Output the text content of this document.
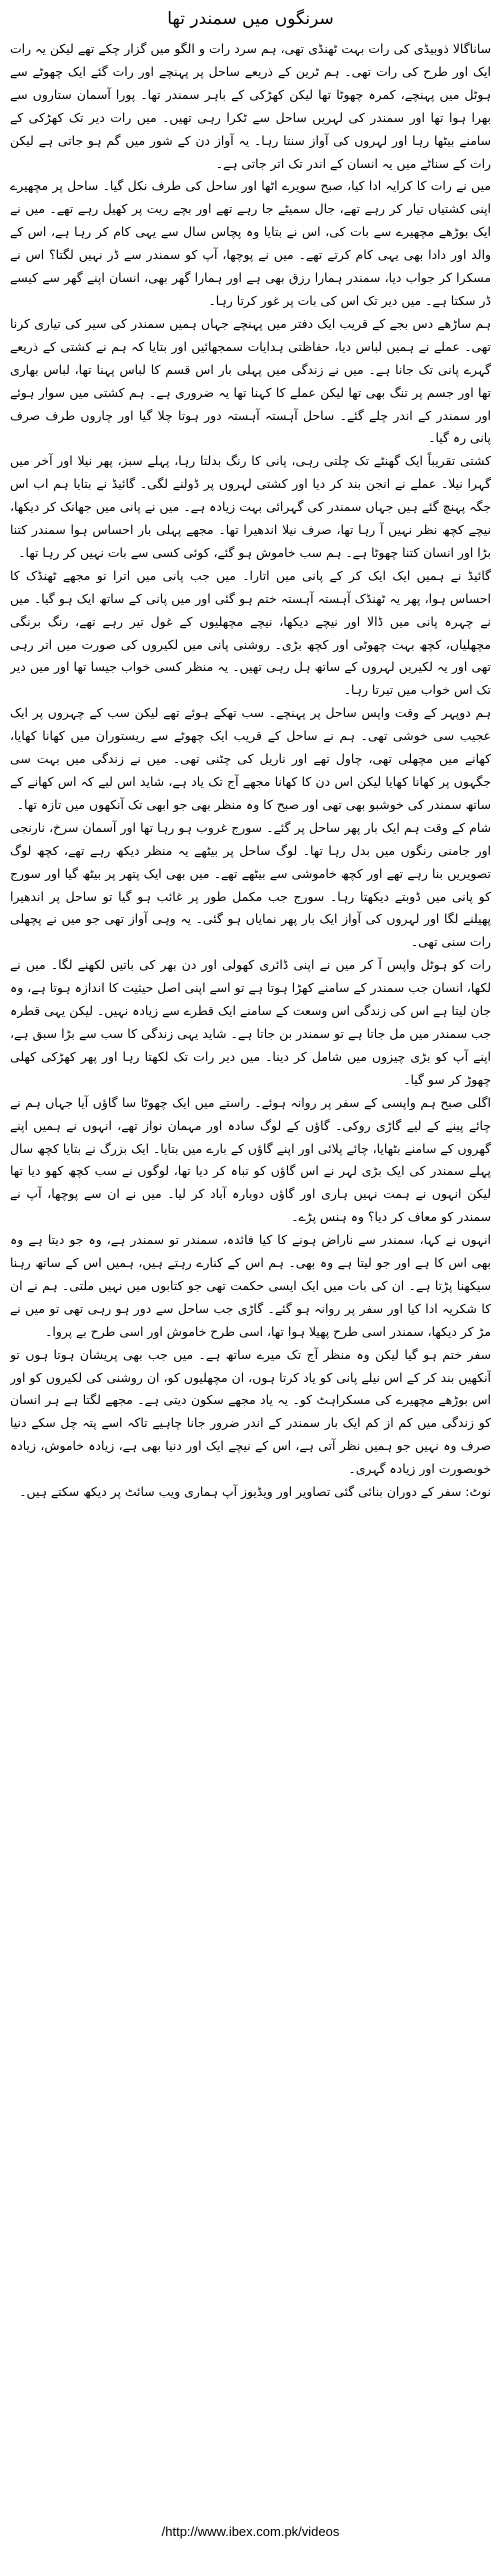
سرنگوں میں سمندر تھا

ساناگالا ذوبیڈی کی رات بہت ٹھنڈی تھی، ہم سرد رات و الگو میں گزار چکے تھے لیکن یہ رات ایک اور طرح کی رات تھی۔ ہم ٹرین کے ذریعے ساحل پر پہنچے اور رات گئے ایک چھوٹے سے ہوٹل میں پہنچے، کمرہ چھوٹا تھا لیکن کھڑکی کے باہر سمندر تھا۔ پورا آسمان ستاروں سے بھرا ہوا تھا اور سمندر کی لہریں ساحل سے ٹکرا رہی تھیں۔ میں رات دیر تک کھڑکی کے سامنے بیٹھا رہا اور لہروں کی آواز سنتا رہا۔ یہ آواز دن کے شور میں گم ہو جاتی ہے لیکن رات کے سناٹے میں یہ انسان کے اندر تک اتر جاتی ہے۔

میں نے رات کا کرایہ ادا کیا، صبح سویرے اٹھا اور ساحل کی طرف نکل گیا۔ ساحل پر مچھیرے اپنی کشتیاں تیار کر رہے تھے، جال سمیٹے جا رہے تھے اور بچے ریت پر کھیل رہے تھے۔ میں نے ایک بوڑھے مچھیرے سے بات کی، اس نے بتایا وہ پچاس سال سے یہی کام کر رہا ہے، اس کے والد اور دادا بھی یہی کام کرتے تھے۔ میں نے پوچھا، آپ کو سمندر سے ڈر نہیں لگتا؟ اس نے مسکرا کر جواب دیا، سمندر ہمارا رزق بھی ہے اور ہمارا گھر بھی، انسان اپنے گھر سے کیسے ڈر سکتا ہے۔ میں دیر تک اس کی بات پر غور کرتا رہا۔

ہم ساڑھے دس بجے کے قریب ایک دفتر میں پہنچے جہاں ہمیں سمندر کی سیر کی تیاری کرنا تھی۔ عملے نے ہمیں لباس دیا، حفاظتی ہدایات سمجھائیں اور بتایا کہ ہم نے کشتی کے ذریعے گہرے پانی تک جانا ہے۔ میں نے زندگی میں پہلی بار اس قسم کا لباس پہنا تھا، لباس بھاری تھا اور جسم پر تنگ بھی تھا لیکن عملے کا کہنا تھا یہ ضروری ہے۔ ہم کشتی میں سوار ہوئے اور سمندر کے اندر چلے گئے۔ ساحل آہستہ آہستہ دور ہوتا چلا گیا اور چاروں طرف صرف پانی رہ گیا۔

کشتی تقریباً ایک گھنٹے تک چلتی رہی، پانی کا رنگ بدلتا رہا، پہلے سبز، پھر نیلا اور آخر میں گہرا نیلا۔ عملے نے انجن بند کر دیا اور کشتی لہروں پر ڈولنے لگی۔ گائیڈ نے بتایا ہم اب اس جگہ پہنچ گئے ہیں جہاں سمندر کی گہرائی بہت زیادہ ہے۔ میں نے پانی میں جھانک کر دیکھا، نیچے کچھ نظر نہیں آ رہا تھا، صرف نیلا اندھیرا تھا۔ مجھے پہلی بار احساس ہوا سمندر کتنا بڑا اور انسان کتنا چھوٹا ہے۔ ہم سب خاموش ہو گئے، کوئی کسی سے بات نہیں کر رہا تھا۔

گائیڈ نے ہمیں ایک ایک کر کے پانی میں اتارا۔ میں جب پانی میں اترا تو مجھے ٹھنڈک کا احساس ہوا، پھر یہ ٹھنڈک آہستہ آہستہ ختم ہو گئی اور میں پانی کے ساتھ ایک ہو گیا۔ میں نے چہرہ پانی میں ڈالا اور نیچے دیکھا، نیچے مچھلیوں کے غول تیر رہے تھے، رنگ برنگی مچھلیاں، کچھ بہت چھوٹی اور کچھ بڑی۔ روشنی پانی میں لکیروں کی صورت میں اتر رہی تھی اور یہ لکیریں لہروں کے ساتھ ہل رہی تھیں۔ یہ منظر کسی خواب جیسا تھا اور میں دیر تک اس خواب میں تیرتا رہا۔

ہم دوپہر کے وقت واپس ساحل پر پہنچے۔ سب تھکے ہوئے تھے لیکن سب کے چہروں پر ایک عجیب سی خوشی تھی۔ ہم نے ساحل کے قریب ایک چھوٹے سے ریستوران میں کھانا کھایا، کھانے میں مچھلی تھی، چاول تھے اور ناریل کی چٹنی تھی۔ میں نے زندگی میں بہت سی جگہوں پر کھانا کھایا لیکن اس دن کا کھانا مجھے آج تک یاد ہے، شاید اس لیے کہ اس کھانے کے ساتھ سمندر کی خوشبو بھی تھی اور صبح کا وہ منظر بھی جو ابھی تک آنکھوں میں تازہ تھا۔

شام کے وقت ہم ایک بار پھر ساحل پر گئے۔ سورج غروب ہو رہا تھا اور آسمان سرخ، نارنجی اور جامنی رنگوں میں بدل رہا تھا۔ لوگ ساحل پر بیٹھے یہ منظر دیکھ رہے تھے، کچھ لوگ تصویریں بنا رہے تھے اور کچھ خاموشی سے بیٹھے تھے۔ میں بھی ایک پتھر پر بیٹھ گیا اور سورج کو پانی میں ڈوبتے دیکھتا رہا۔ سورج جب مکمل طور پر غائب ہو گیا تو ساحل پر اندھیرا پھیلنے لگا اور لہروں کی آواز ایک بار پھر نمایاں ہو گئی۔ یہ وہی آواز تھی جو میں نے پچھلی رات سنی تھی۔

رات کو ہوٹل واپس آ کر میں نے اپنی ڈائری کھولی اور دن بھر کی باتیں لکھنے لگا۔ میں نے لکھا، انسان جب سمندر کے سامنے کھڑا ہوتا ہے تو اسے اپنی اصل حیثیت کا اندازہ ہوتا ہے، وہ جان لیتا ہے اس کی زندگی اس وسعت کے سامنے ایک قطرے سے زیادہ نہیں۔ لیکن یہی قطرہ جب سمندر میں مل جاتا ہے تو سمندر بن جاتا ہے۔ شاید یہی زندگی کا سب سے بڑا سبق ہے، اپنے آپ کو بڑی چیزوں میں شامل کر دینا۔ میں دیر رات تک لکھتا رہا اور پھر کھڑکی کھلی چھوڑ کر سو گیا۔

اگلی صبح ہم واپسی کے سفر پر روانہ ہوئے۔ راستے میں ایک چھوٹا سا گاؤں آیا جہاں ہم نے چائے پینے کے لیے گاڑی روکی۔ گاؤں کے لوگ سادہ اور مہمان نواز تھے، انہوں نے ہمیں اپنے گھروں کے سامنے بٹھایا، چائے پلائی اور اپنے گاؤں کے بارے میں بتایا۔ ایک بزرگ نے بتایا کچھ سال پہلے سمندر کی ایک بڑی لہر نے اس گاؤں کو تباہ کر دیا تھا، لوگوں نے سب کچھ کھو دیا تھا لیکن انہوں نے ہمت نہیں ہاری اور گاؤں دوبارہ آباد کر لیا۔ میں نے ان سے پوچھا، آپ نے سمندر کو معاف کر دیا؟ وہ ہنس پڑے۔

انہوں نے کہا، سمندر سے ناراض ہونے کا کیا فائدہ، سمندر تو سمندر ہے، وہ جو دیتا ہے وہ بھی اس کا ہے اور جو لیتا ہے وہ بھی۔ ہم اس کے کنارے رہتے ہیں، ہمیں اس کے ساتھ رہنا سیکھنا پڑتا ہے۔ ان کی بات میں ایک ایسی حکمت تھی جو کتابوں میں نہیں ملتی۔ ہم نے ان کا شکریہ ادا کیا اور سفر پر روانہ ہو گئے۔ گاڑی جب ساحل سے دور ہو رہی تھی تو میں نے مڑ کر دیکھا، سمندر اسی طرح پھیلا ہوا تھا، اسی طرح خاموش اور اسی طرح بے پروا۔

سفر ختم ہو گیا لیکن وہ منظر آج تک میرے ساتھ ہے۔ میں جب بھی پریشان ہوتا ہوں تو آنکھیں بند کر کے اس نیلے پانی کو یاد کرتا ہوں، ان مچھلیوں کو، ان روشنی کی لکیروں کو اور اس بوڑھے مچھیرے کی مسکراہٹ کو۔ یہ یاد مجھے سکون دیتی ہے۔ مجھے لگتا ہے ہر انسان کو زندگی میں کم از کم ایک بار سمندر کے اندر ضرور جانا چاہیے تاکہ اسے پتہ چل سکے دنیا صرف وہ نہیں جو ہمیں نظر آتی ہے، اس کے نیچے ایک اور دنیا بھی ہے، زیادہ خاموش، زیادہ خوبصورت اور زیادہ گہری۔

نوٹ: سفر کے دوران بنائی گئی تصاویر اور ویڈیوز آپ ہماری ویب سائٹ پر دیکھ سکتے ہیں۔

/http://www.ibex.com.pk/videos
